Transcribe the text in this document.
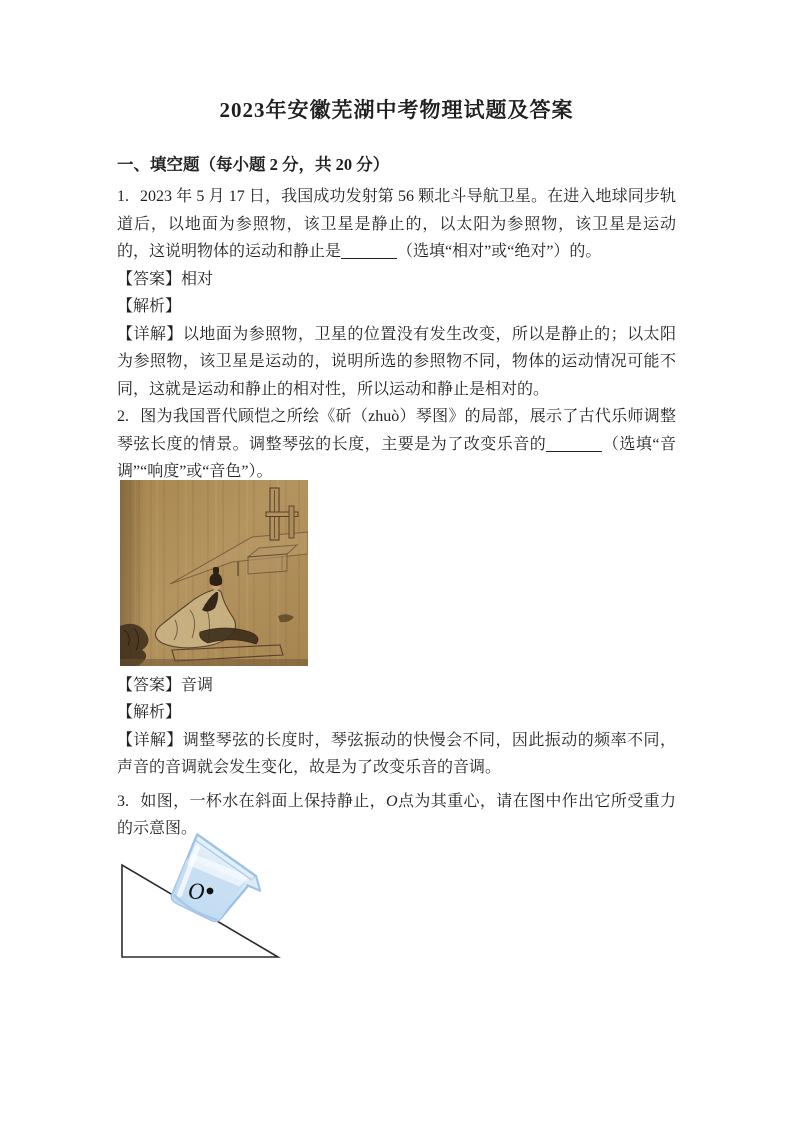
2023年安徽芜湖中考物理试题及答案
一、填空题（每小题 2 分，共 20 分）

1. 2023 年 5 月 17 日，我国成功发射第 56 颗北斗导航卫星。在进入地球同步轨道后，以地面为参照物，该卫星是静止的，以太阳为参照物，该卫星是运动的，这说明物体的运动和静止是	（选填“相对”或“绝对”）的。

【答案】相对

【解析】

【详解】以地面为参照物，卫星的位置没有发生改变，所以是静止的；以太阳为参照物，该卫星是运动的，说明所选的参照物不同，物体的运动情况可能不同，这就是运动和静止的相对性，所以运动和静止是相对的。

2. 图为我国晋代顾恺之所绘《斫（zhuò）琴图》的局部，展示了古代乐师调整琴弦长度的情景。调整琴弦的长度，主要是为了改变乐音的	（选填“音调”“响度”或“音色”）。

【答案】音调

【解析】

【详解】调整琴弦的长度时，琴弦振动的快慢会不同，因此振动的频率不同，声音的音调就会发生变化，故是为了改变乐音的音调。

3. 如图，一杯水在斜面上保持静止，O点为其重心，请在图中作出它所受重力的示意图。

O
